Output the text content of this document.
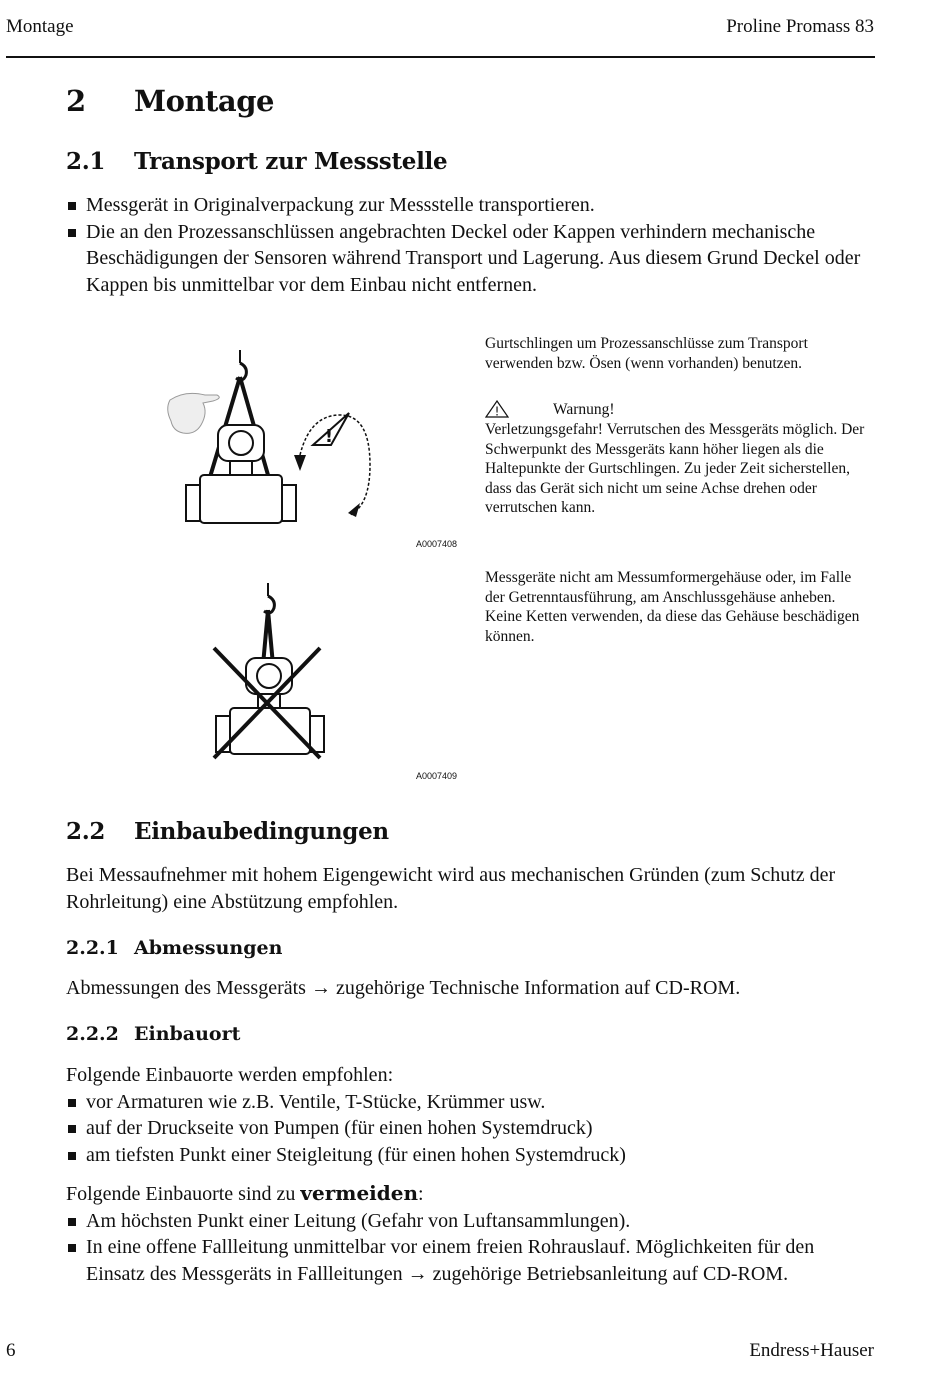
Montage	Proline Promass 83
2 Montage
2.1 Transport zur Messstelle
Messgerät in Originalverpackung zur Messstelle transportieren.
Die an den Prozessanschlüssen angebrachten Deckel oder Kappen verhindern mechanische Beschädigungen der Sensoren während Transport und Lagerung. Aus diesem Grund Deckel oder Kappen bis unmittelbar vor dem Einbau nicht entfernen.
!
A0007408
Gurtschlingen um Prozessanschlüsse zum Transport verwenden bzw. Ösen (wenn vorhanden) benutzen.
!	Warnung!
Verletzungsgefahr! Verrutschen des Messgeräts möglich. Der Schwerpunkt des Messgeräts kann höher liegen als die Haltepunkte der Gurtschlingen. Zu jeder Zeit sicherstellen, dass das Gerät sich nicht um seine Achse drehen oder verrutschen kann.
A0007409
Messgeräte nicht am Messumformergehäuse oder, im Falle der Getrenntausführung, am Anschlussgehäuse anheben. Keine Ketten verwenden, da diese das Gehäuse beschädigen können.
2.2 Einbaubedingungen
Bei Messaufnehmer mit hohem Eigengewicht wird aus mechanischen Gründen (zum Schutz der Rohrleitung) eine Abstützung empfohlen.
2.2.1 Abmessungen
Abmessungen des Messgeräts → zugehörige Technische Information auf CD-ROM.
2.2.2 Einbauort
Folgende Einbauorte werden empfohlen:
vor Armaturen wie z.B. Ventile, T-Stücke, Krümmer usw.
auf der Druckseite von Pumpen (für einen hohen Systemdruck)
am tiefsten Punkt einer Steigleitung (für einen hohen Systemdruck)
Folgende Einbauorte sind zu vermeiden:
Am höchsten Punkt einer Leitung (Gefahr von Luftansammlungen).
In eine offene Fallleitung unmittelbar vor einem freien Rohrauslauf. Möglichkeiten für den Einsatz des Messgeräts in Fallleitungen → zugehörige Betriebsanleitung auf CD-ROM.
6	Endress+Hauser
